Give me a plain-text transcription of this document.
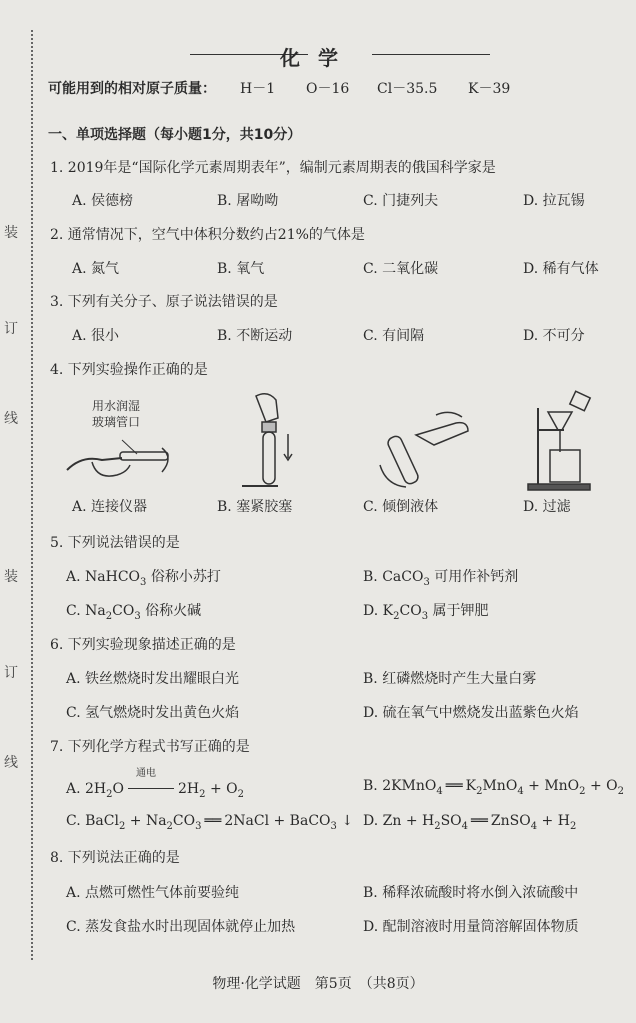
装
订
线
装
订
线
化学
可能用到的相对原子质量： H－1 O－16 Cl－35.5 K－39
一、单项选择题（每小题1分，共10分）
1. 2019年是“国际化学元素周期表年”，编制元素周期表的俄国科学家是
A. 侯德榜	B. 屠呦呦	C. 门捷列夫	D. 拉瓦锡
2. 通常情况下，空气中体积分数约占21%的气体是
A. 氮气	B. 氧气	C. 二氧化碳	D. 稀有气体
3. 下列有关分子、原子说法错误的是
A. 很小	B. 不断运动	C. 有间隔	D. 不可分
4. 下列实验操作正确的是
用水润湿
玻璃管口
A. 连接仪器	B. 塞紧胶塞	C. 倾倒液体	D. 过滤
5. 下列说法错误的是
A. NaHCO$_3$ 俗称小苏打	B. CaCO$_3$ 可用作补钙剂
C. $Na_2CO_3$ 俗称火碱	D. $K_2CO_3$ 属于钾肥
6. 下列实验现象描述正确的是
A. 铁丝燃烧时发出耀眼白光	B. 红磷燃烧时产生大量白雾
C. 氢气燃烧时发出黄色火焰	D. 硫在氧气中燃烧发出蓝紫色火焰
7. 下列化学方程式书写正确的是
A. $2H_2O$
通电
$2H_2 + O_2$
B. 2KMnO$_4$ ══ $K_2MnO_4 + MnO_2 + O_2$
C. BaCl$_2$ + $Na_2CO_3$ ══ 2NaCl + BaCO$_3$ ↓ D. $Zn + H_2SO_4$ ══ ZnSO$_4$ + $H_2$
8. 下列说法正确的是
A. 点燃可燃性气体前要验纯	B. 稀释浓硫酸时将水倒入浓硫酸中
C. 蒸发食盐水时出现固体就停止加热	D. 配制溶液时用量筒溶解固体物质
物理·化学试题　第5页　（共8页）
